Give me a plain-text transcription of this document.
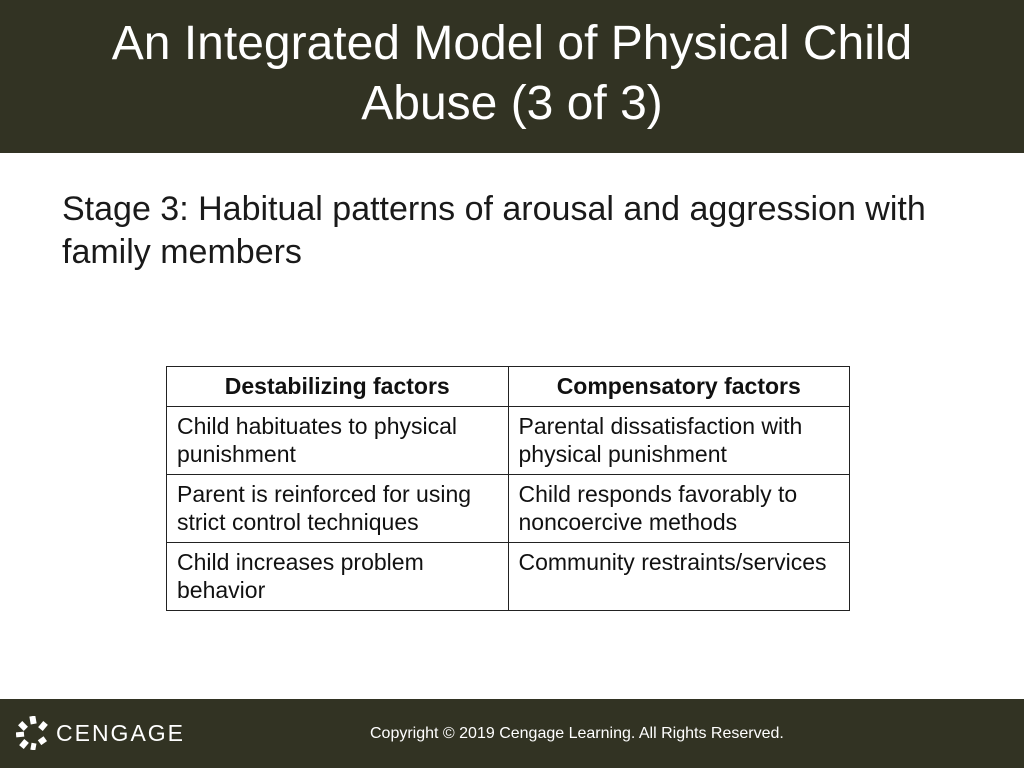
An Integrated Model of Physical Child Abuse (3 of 3)
Stage 3: Habitual patterns of arousal and aggression with family members
Destabilizing factors	Compensatory factors
Child habituates to physical punishment	Parental dissatisfaction with physical punishment
Parent is reinforced for using strict control techniques	Child responds favorably to noncoercive methods
Child increases problem behavior	Community restraints/services
CENGAGE	Copyright © 2019 Cengage Learning. All Rights Reserved.
